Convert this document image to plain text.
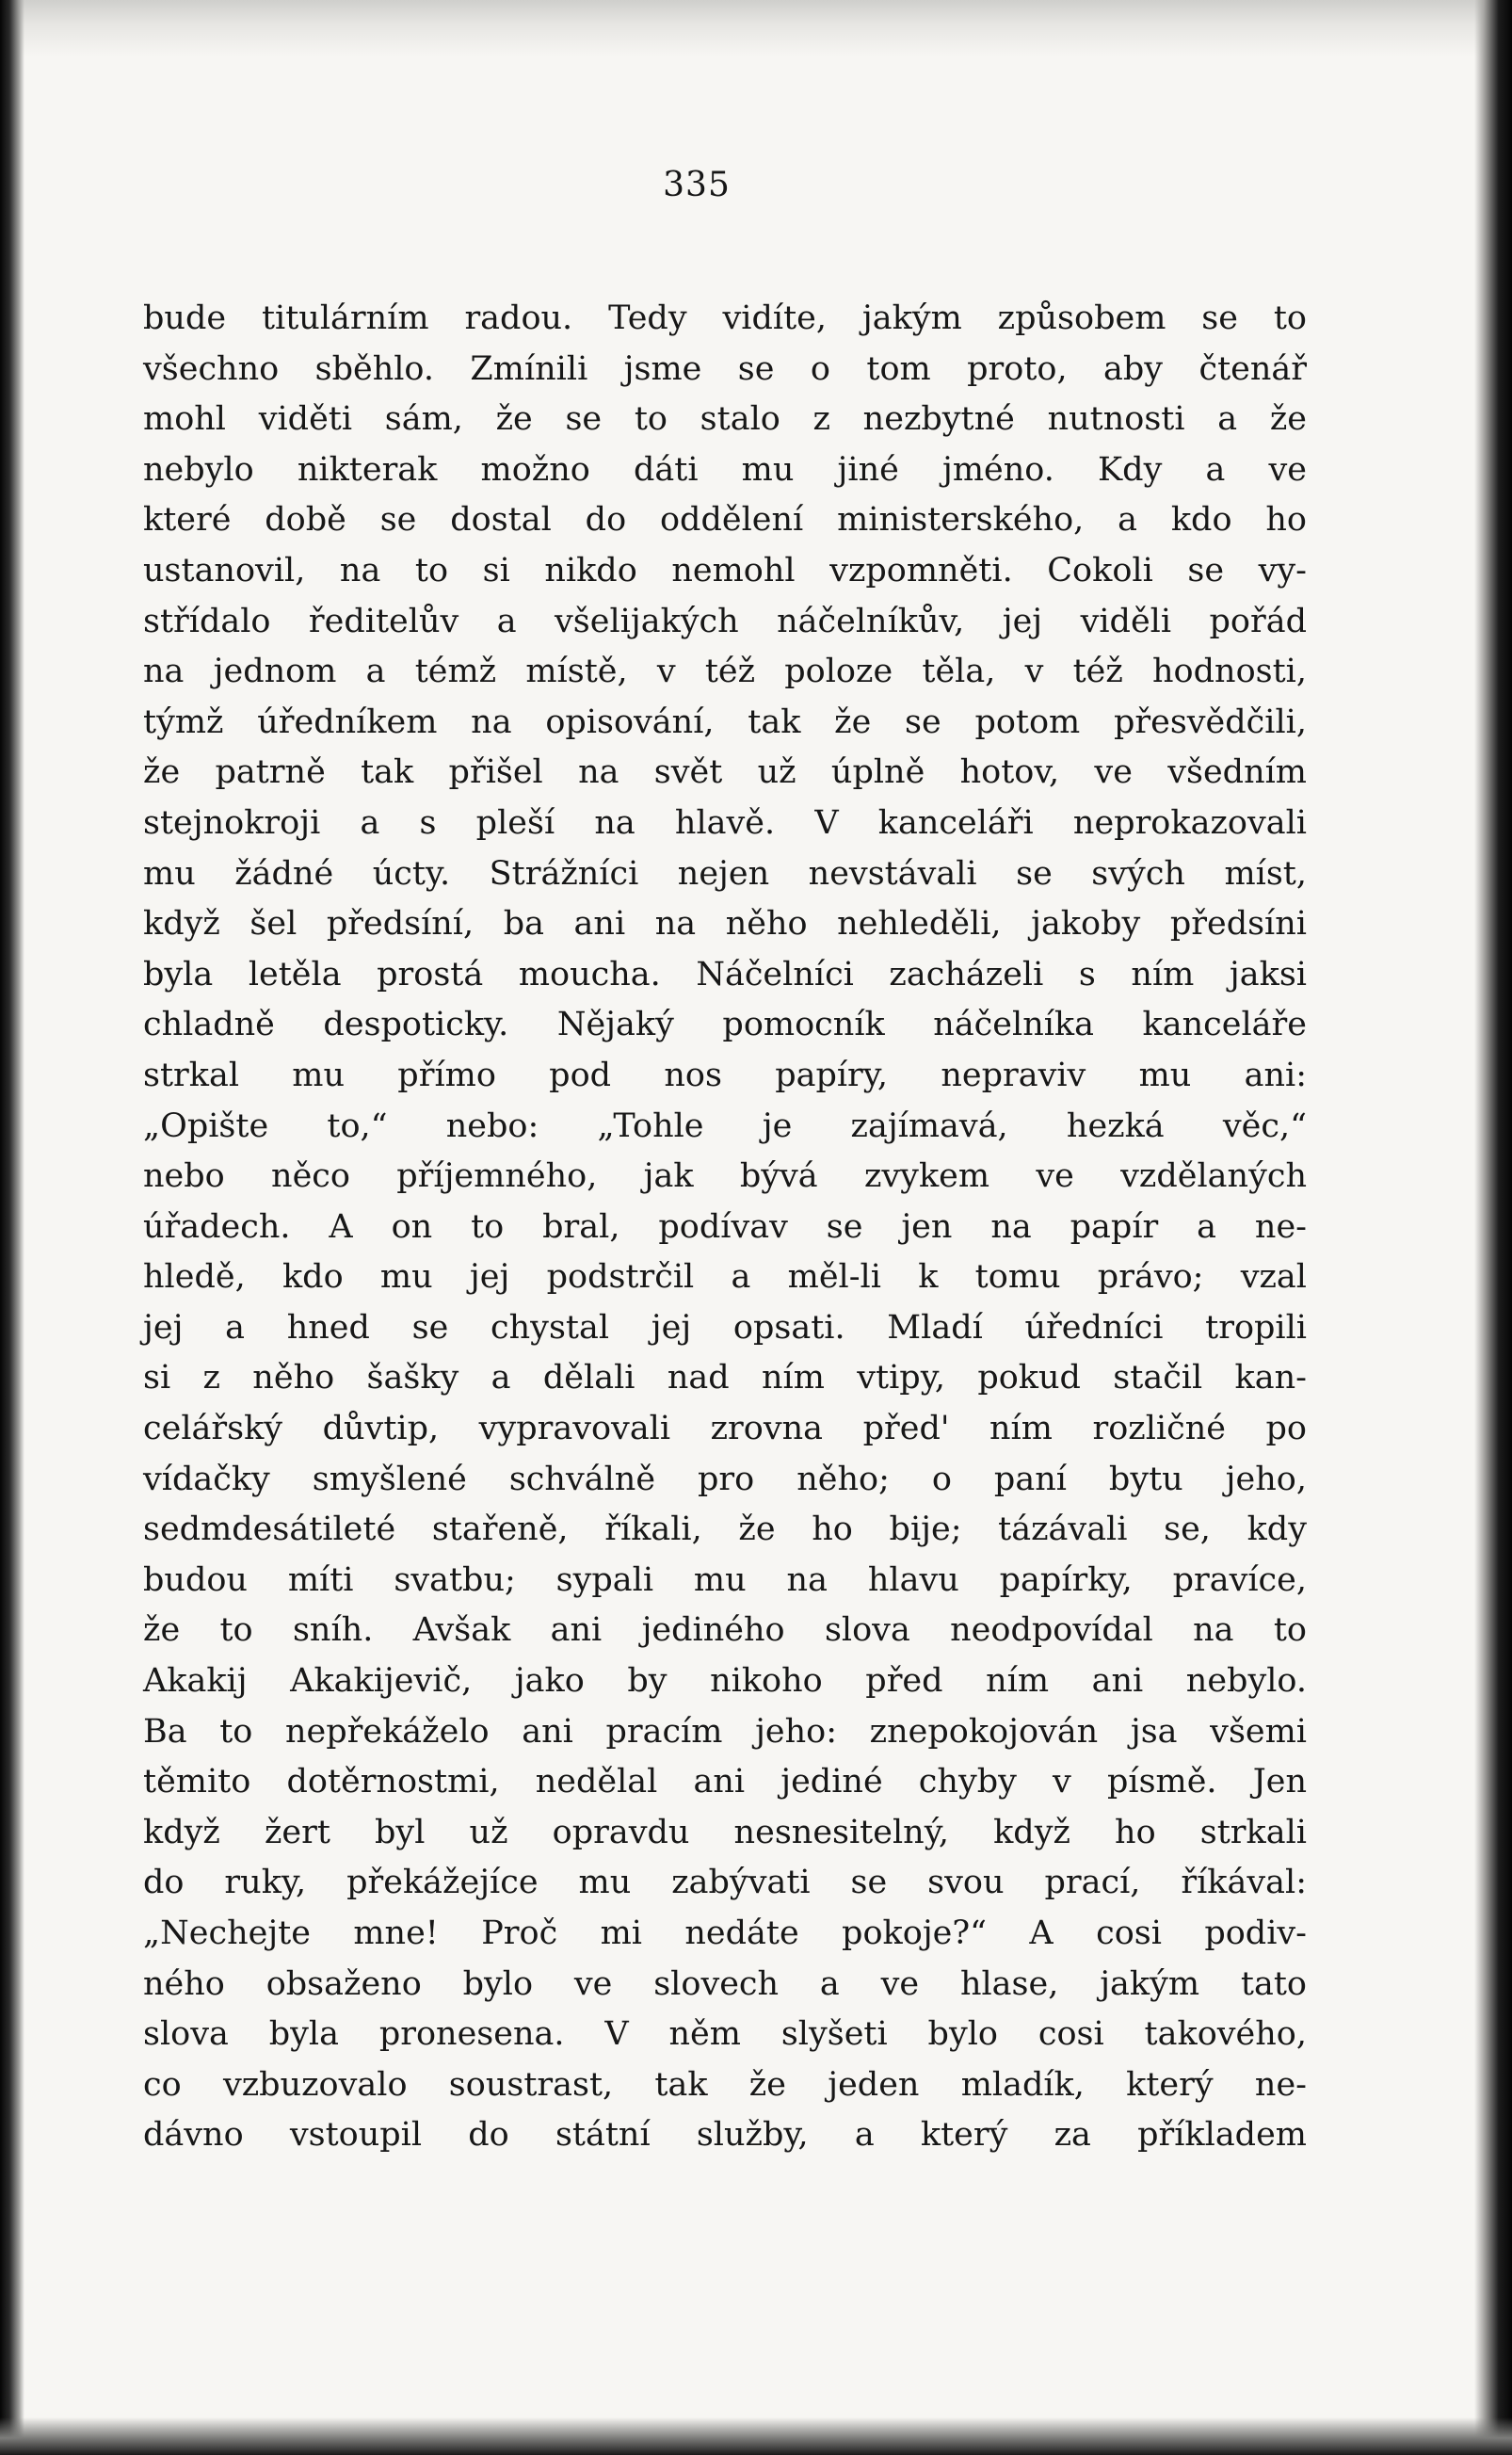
335
bude titulárním radou. Tedy vidíte, jakým způsobem se to
všechno sběhlo. Zmínili jsme se o tom proto, aby čtenář
mohl viděti sám, že se to stalo z nezbytné nutnosti a že
nebylo nikterak možno dáti mu jiné jméno. Kdy a ve
které době se dostal do oddělení ministerského, a kdo ho
ustanovil, na to si nikdo nemohl vzpomněti. Cokoli se vy-
střídalo ředitelův a všelijakých náčelníkův, jej viděli pořád
na jednom a témž místě, v též poloze těla, v též hodnosti,
týmž úředníkem na opisování, tak že se potom přesvědčili,
že patrně tak přišel na svět už úplně hotov, ve všedním
stejnokroji a s pleší na hlavě. V kanceláři neprokazovali
mu žádné úcty. Strážníci nejen nevstávali se svých míst,
když šel předsíní, ba ani na něho nehleděli, jakoby předsíni
byla letěla prostá moucha. Náčelníci zacházeli s ním jaksi
chladně despoticky. Nějaký pomocník náčelníka kanceláře
strkal mu přímo pod nos papíry, nepraviv mu ani:
„Opište to,“ nebo: „Tohle je zajímavá, hezká věc,“
nebo něco příjemného, jak bývá zvykem ve vzdělaných
úřadech. A on to bral, podívav se jen na papír a ne-
hledě, kdo mu jej podstrčil a měl-li k tomu právo; vzal
jej a hned se chystal jej opsati. Mladí úředníci tropili
si z něho šašky a dělali nad ním vtipy, pokud stačil kan-
celářský důvtip, vypravovali zrovna před' ním rozličné po
vídačky smyšlené schválně pro něho; o paní bytu jeho,
sedmdesátileté stařeně, říkali, že ho bije; tázávali se, kdy
budou míti svatbu; sypali mu na hlavu papírky, pravíce,
že to sníh. Avšak ani jediného slova neodpovídal na to
Akakij Akakijevič, jako by nikoho před ním ani nebylo.
Ba to nepřekáželo ani pracím jeho: znepokojován jsa všemi
těmito dotěrnostmi, nedělal ani jediné chyby v písmě. Jen
když žert byl už opravdu nesnesitelný, když ho strkali
do ruky, překážejíce mu zabývati se svou prací, říkával:
„Nechejte mne! Proč mi nedáte pokoje?“ A cosi podiv-
ného obsaženo bylo ve slovech a ve hlase, jakým tato
slova byla pronesena. V něm slyšeti bylo cosi takového,
co vzbuzovalo soustrast, tak že jeden mladík, který ne-
dávno vstoupil do státní služby, a který za příkladem
